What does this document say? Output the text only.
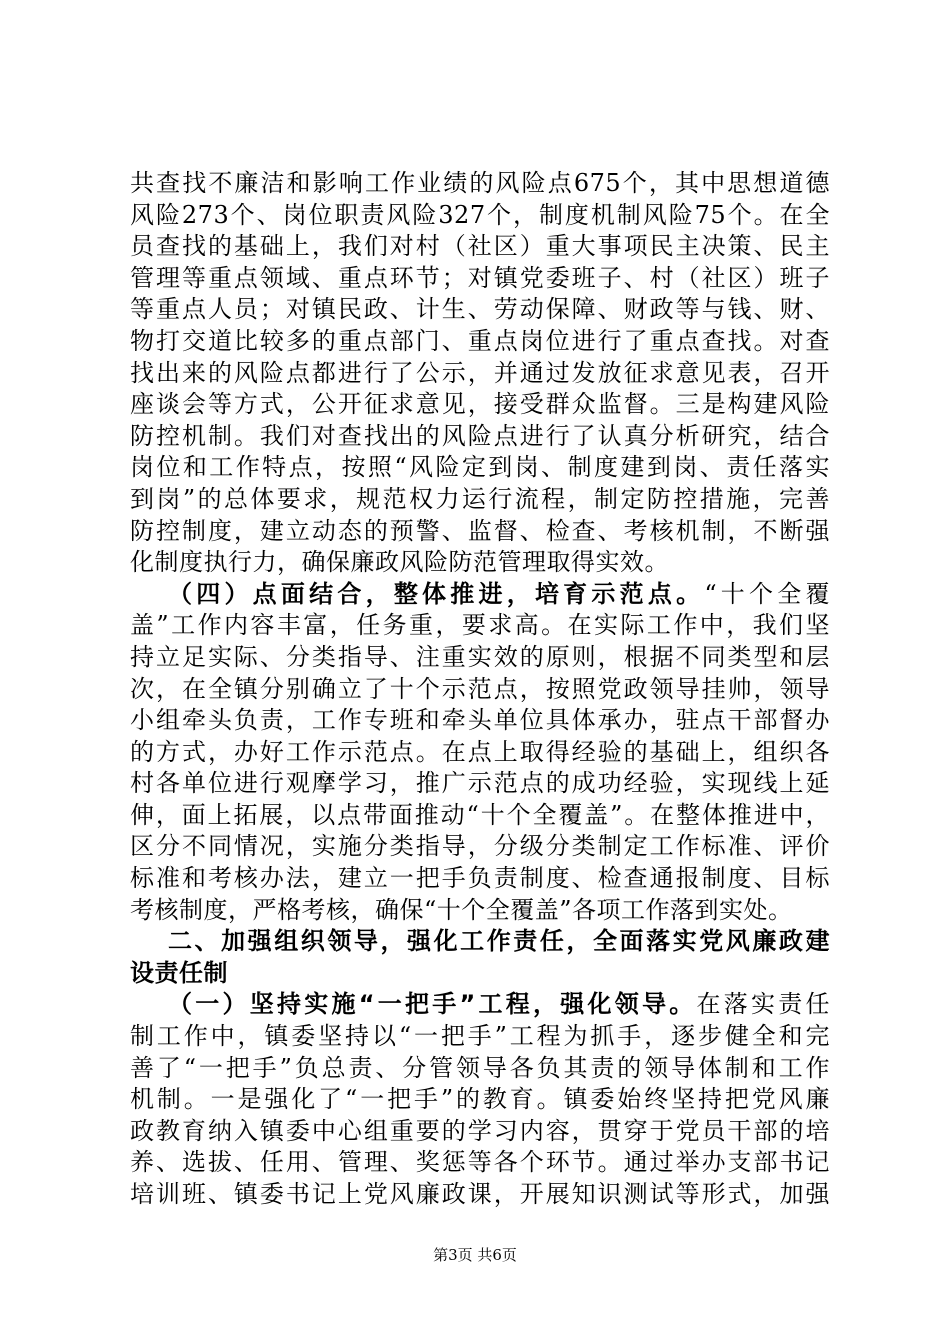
共查找不廉洁和影响工作业绩的风险点675个，其中思想道德
风险273个、岗位职责风险327个，制度机制风险75个。在全
员查找的基础上，我们对村（社区）重大事项民主决策、民主
管理等重点领域、重点环节；对镇党委班子、村（社区）班子
等重点人员；对镇民政、计生、劳动保障、财政等与钱、财、
物打交道比较多的重点部门、重点岗位进行了重点查找。对查
找出来的风险点都进行了公示，并通过发放征求意见表，召开
座谈会等方式，公开征求意见，接受群众监督。三是构建风险
防控机制。我们对查找出的风险点进行了认真分析研究，结合
岗位和工作特点，按照“风险定到岗、制度建到岗、责任落实
到岗”的总体要求，规范权力运行流程，制定防控措施，完善
防控制度，建立动态的预警、监督、检查、考核机制，不断强
化制度执行力，确保廉政风险防范管理取得实效。
（四）点面结合，整体推进，培育示范点。“十个全覆
盖”工作内容丰富，任务重，要求高。在实际工作中，我们坚
持立足实际、分类指导、注重实效的原则，根据不同类型和层
次，在全镇分别确立了十个示范点，按照党政领导挂帅，领导
小组牵头负责，工作专班和牵头单位具体承办，驻点干部督办
的方式，办好工作示范点。在点上取得经验的基础上，组织各
村各单位进行观摩学习，推广示范点的成功经验，实现线上延
伸，面上拓展，以点带面推动“十个全覆盖”。在整体推进中，
区分不同情况，实施分类指导，分级分类制定工作标准、评价
标准和考核办法，建立一把手负责制度、检查通报制度、目标
考核制度，严格考核，确保“十个全覆盖”各项工作落到实处。
二、加强组织领导，强化工作责任，全面落实党风廉政建
设责任制
（一）坚持实施“一把手”工程，强化领导。在落实责任
制工作中，镇委坚持以“一把手”工程为抓手，逐步健全和完
善了“一把手”负总责、分管领导各负其责的领导体制和工作
机制。一是强化了“一把手”的教育。镇委始终坚持把党风廉
政教育纳入镇委中心组重要的学习内容，贯穿于党员干部的培
养、选拔、任用、管理、奖惩等各个环节。通过举办支部书记
培训班、镇委书记上党风廉政课，开展知识测试等形式，加强
第3页 共6页
